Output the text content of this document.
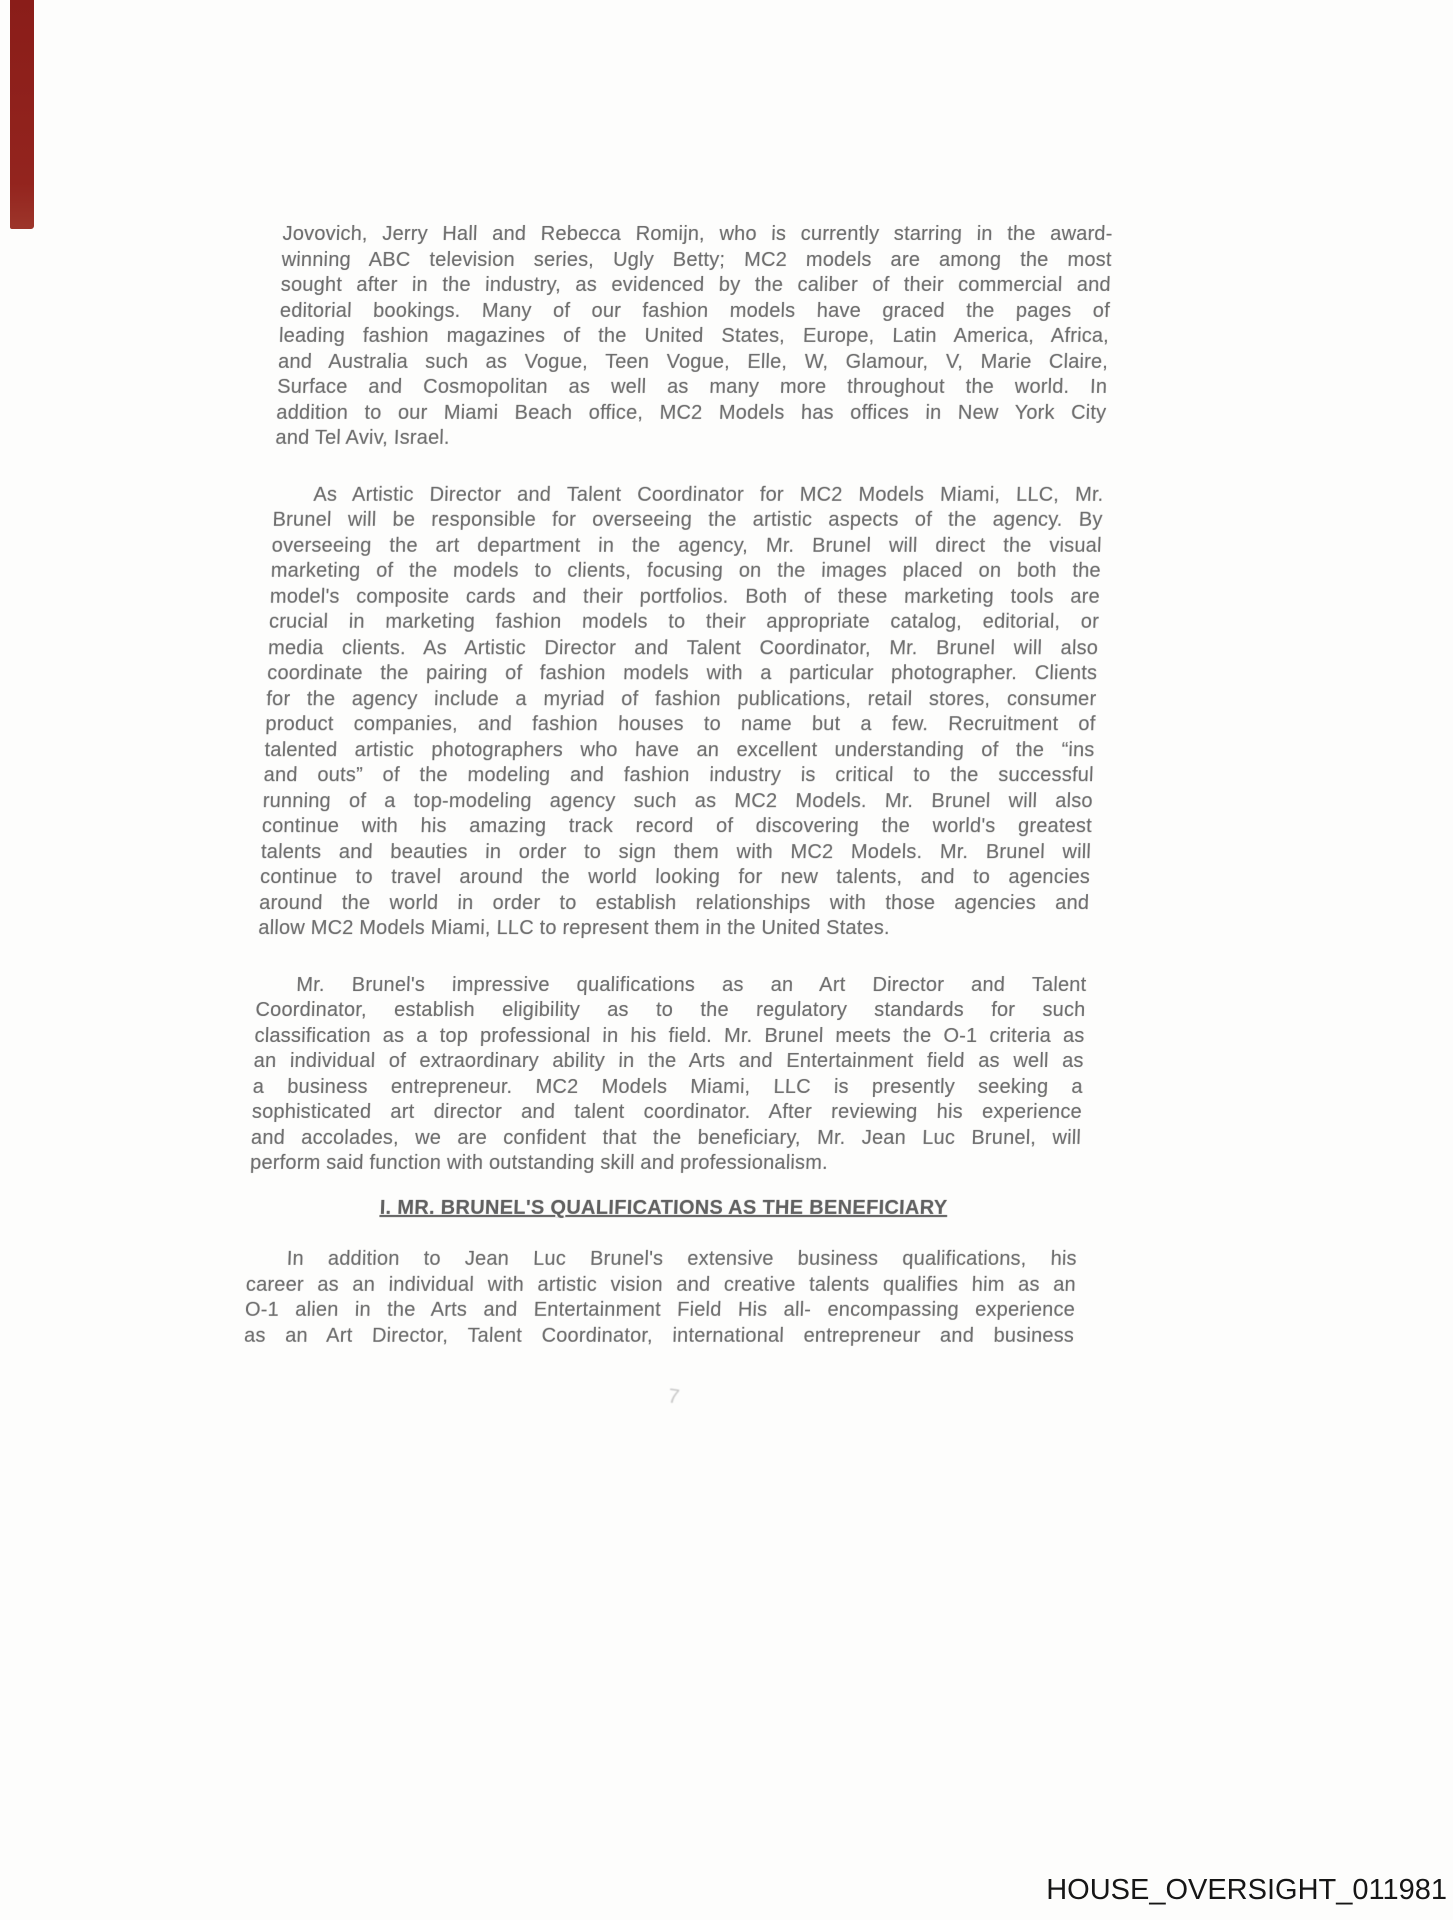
Jovovich, Jerry Hall and Rebecca Romijn, who is currently starring in the award-
winning ABC television series, Ugly Betty; MC2 models are among the most
sought after in the industry, as evidenced by the caliber of their commercial and
editorial bookings. Many of our fashion models have graced the pages of
leading fashion magazines of the United States, Europe, Latin America, Africa,
and Australia such as Vogue, Teen Vogue, Elle, W, Glamour, V, Marie Claire,
Surface and Cosmopolitan as well as many more throughout the world. In
addition to our Miami Beach office, MC2 Models has offices in New York City
and Tel Aviv, Israel.
As Artistic Director and Talent Coordinator for MC2 Models Miami, LLC, Mr.
Brunel will be responsible for overseeing the artistic aspects of the agency. By
overseeing the art department in the agency, Mr. Brunel will direct the visual
marketing of the models to clients, focusing on the images placed on both the
model's composite cards and their portfolios. Both of these marketing tools are
crucial in marketing fashion models to their appropriate catalog, editorial, or
media clients. As Artistic Director and Talent Coordinator, Mr. Brunel will also
coordinate the pairing of fashion models with a particular photographer. Clients
for the agency include a myriad of fashion publications, retail stores, consumer
product companies, and fashion houses to name but a few. Recruitment of
talented artistic photographers who have an excellent understanding of the “ins
and outs” of the modeling and fashion industry is critical to the successful
running of a top-modeling agency such as MC2 Models. Mr. Brunel will also
continue with his amazing track record of discovering the world's greatest
talents and beauties in order to sign them with MC2 Models. Mr. Brunel will
continue to travel around the world looking for new talents, and to agencies
around the world in order to establish relationships with those agencies and
allow MC2 Models Miami, LLC to represent them in the United States.
Mr. Brunel's impressive qualifications as an Art Director and Talent
Coordinator, establish eligibility as to the regulatory standards for such
classification as a top professional in his field. Mr. Brunel meets the O-1 criteria as
an individual of extraordinary ability in the Arts and Entertainment field as well as
a business entrepreneur. MC2 Models Miami, LLC is presently seeking a
sophisticated art director and talent coordinator. After reviewing his experience
and accolades, we are confident that the beneficiary, Mr. Jean Luc Brunel, will
perform said function with outstanding skill and professionalism.
I. MR. BRUNEL'S QUALIFICATIONS AS THE BENEFICIARY
In addition to Jean Luc Brunel's extensive business qualifications, his
career as an individual with artistic vision and creative talents qualifies him as an
O-1 alien in the Arts and Entertainment Field His all- encompassing experience
as an Art Director, Talent Coordinator, international entrepreneur and business
7
HOUSE_OVERSIGHT_011981
